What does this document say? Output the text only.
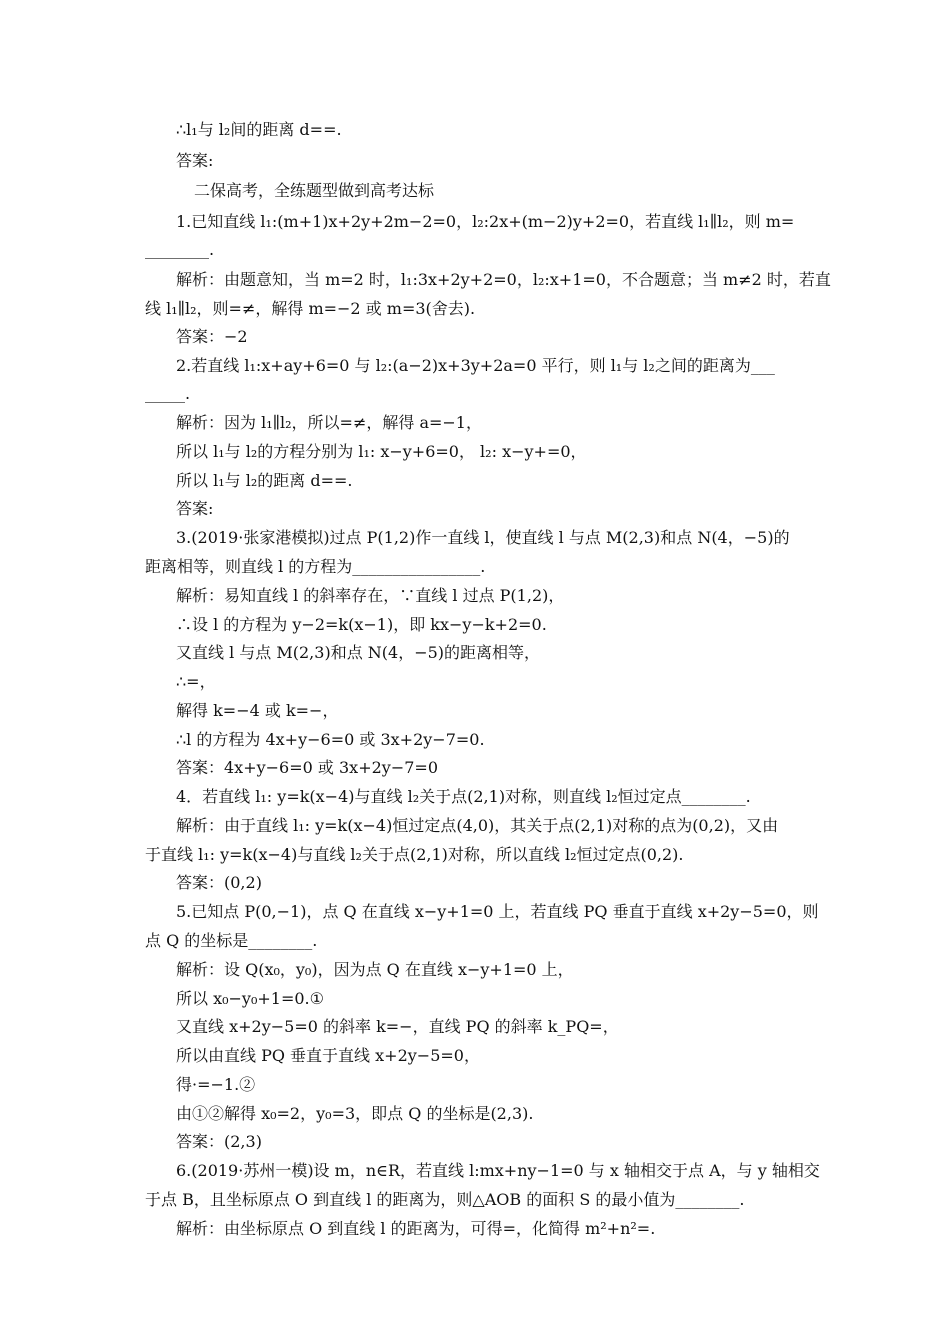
∴l₁与 l₂间的距离 d==.
答案:
二保高考，全练题型做到高考达标
1.已知直线 l₁:(m+1)x+2y+2m−2=0，l₂:2x+(m−2)y+2=0，若直线 l₁∥l₂，则 m=
________.
解析：由题意知，当 m=2 时，l₁:3x+2y+2=0，l₂:x+1=0，不合题意；当 m≠2 时，若直
线 l₁∥l₂，则=≠，解得 m=−2 或 m=3(舍去).
答案：−2
2.若直线 l₁:x+ay+6=0 与 l₂:(a−2)x+3y+2a=0 平行，则 l₁与 l₂之间的距离为___
_____.
解析：因为 l₁∥l₂，所以=≠，解得 a=−1，
所以 l₁与 l₂的方程分别为 l₁: x−y+6=0， l₂: x−y+=0，
所以 l₁与 l₂的距离 d==.
答案:
3.(2019·张家港模拟)过点 P(1,2)作一直线 l，使直线 l 与点 M(2,3)和点 N(4，−5)的
距离相等，则直线 l 的方程为________________.
解析：易知直线 l 的斜率存在，∵直线 l 过点 P(1,2)，
∴设 l 的方程为 y−2=k(x−1)，即 kx−y−k+2=0.
又直线 l 与点 M(2,3)和点 N(4，−5)的距离相等，
∴=，
解得 k=−4 或 k=−，
∴l 的方程为 4x+y−6=0 或 3x+2y−7=0.
答案：4x+y−6=0 或 3x+2y−7=0
4．若直线 l₁: y=k(x−4)与直线 l₂关于点(2,1)对称，则直线 l₂恒过定点________.
解析：由于直线 l₁: y=k(x−4)恒过定点(4,0)，其关于点(2,1)对称的点为(0,2)，又由
于直线 l₁: y=k(x−4)与直线 l₂关于点(2,1)对称，所以直线 l₂恒过定点(0,2).
答案：(0,2)
5.已知点 P(0,−1)，点 Q 在直线 x−y+1=0 上，若直线 PQ 垂直于直线 x+2y−5=0，则
点 Q 的坐标是________.
解析：设 Q(x₀，y₀)，因为点 Q 在直线 x−y+1=0 上，
所以 x₀−y₀+1=0.①
又直线 x+2y−5=0 的斜率 k=−，直线 PQ 的斜率 k_PQ=，
所以由直线 PQ 垂直于直线 x+2y−5=0，
得·=−1.②
由①②解得 x₀=2，y₀=3，即点 Q 的坐标是(2,3).
答案：(2,3)
6.(2019·苏州一模)设 m，n∈R，若直线 l:mx+ny−1=0 与 x 轴相交于点 A，与 y 轴相交
于点 B，且坐标原点 O 到直线 l 的距离为，则△AOB 的面积 S 的最小值为________.
解析：由坐标原点 O 到直线 l 的距离为，可得=，化简得 m²+n²=.
